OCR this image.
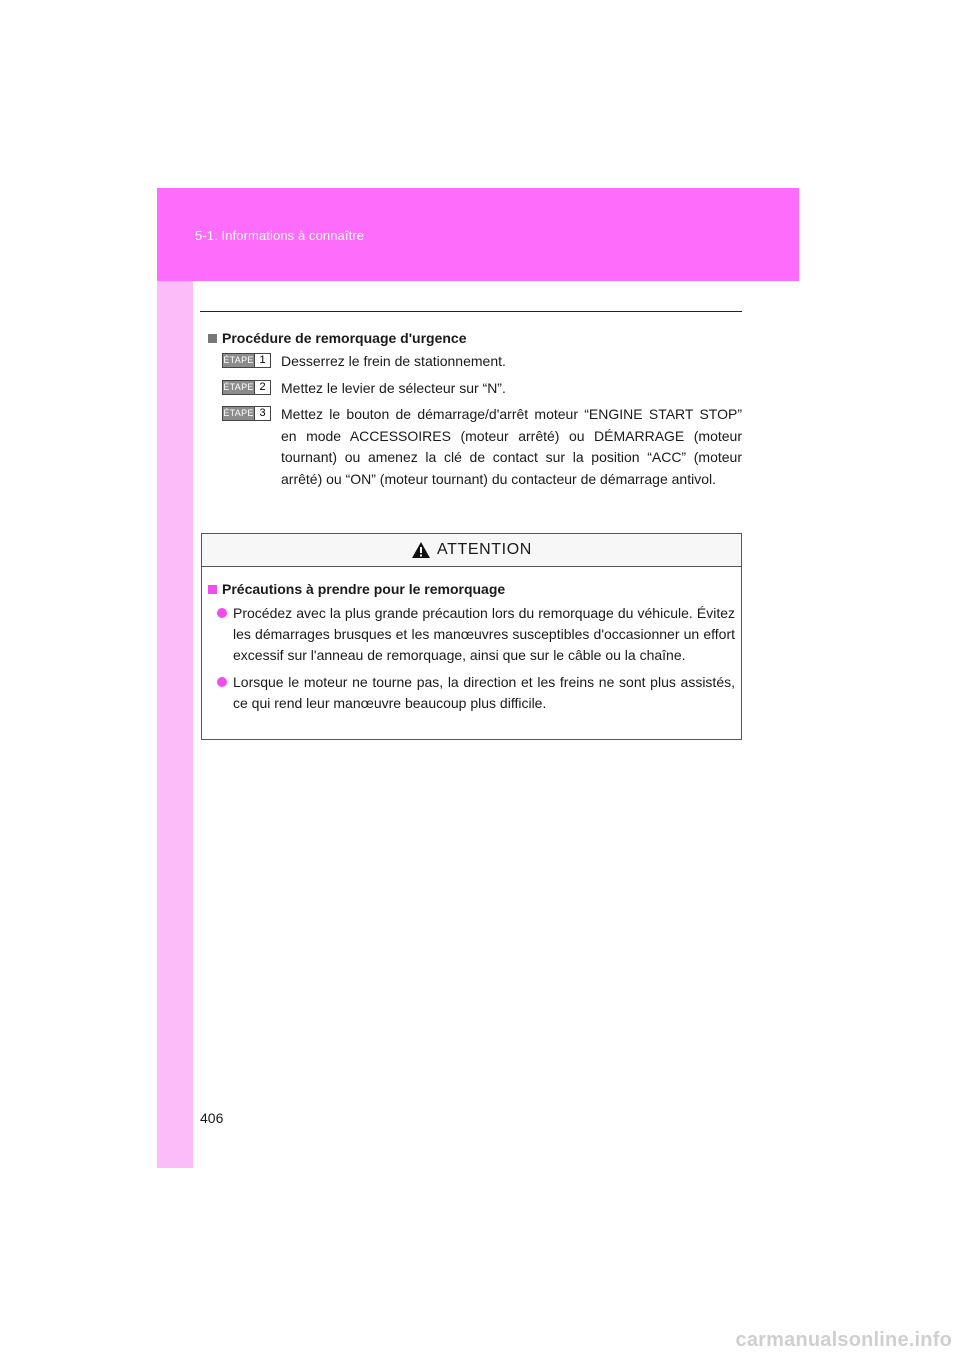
5-1. Informations à connaître
Procédure de remorquage d'urgence
ÉTAPE 1	Desserrez le frein de stationnement.
ÉTAPE 2	Mettez le levier de sélecteur sur “N”.
ÉTAPE 3	Mettez le bouton de démarrage/d'arrêt moteur “ENGINE START STOP” en mode ACCESSOIRES (moteur arrêté) ou DÉMARRAGE (moteur tournant) ou amenez la clé de contact sur la position “ACC” (moteur arrêté) ou “ON” (moteur tournant) du contacteur de démarrage antivol.
ATTENTION
Précautions à prendre pour le remorquage
Procédez avec la plus grande précaution lors du remorquage du véhicule. Évitez les démarrages brusques et les manœuvres susceptibles d'occasionner un effort excessif sur l'anneau de remorquage, ainsi que sur le câble ou la chaîne.
Lorsque le moteur ne tourne pas, la direction et les freins ne sont plus assistés, ce qui rend leur manœuvre beaucoup plus difficile.
406
carmanualsonline.info
